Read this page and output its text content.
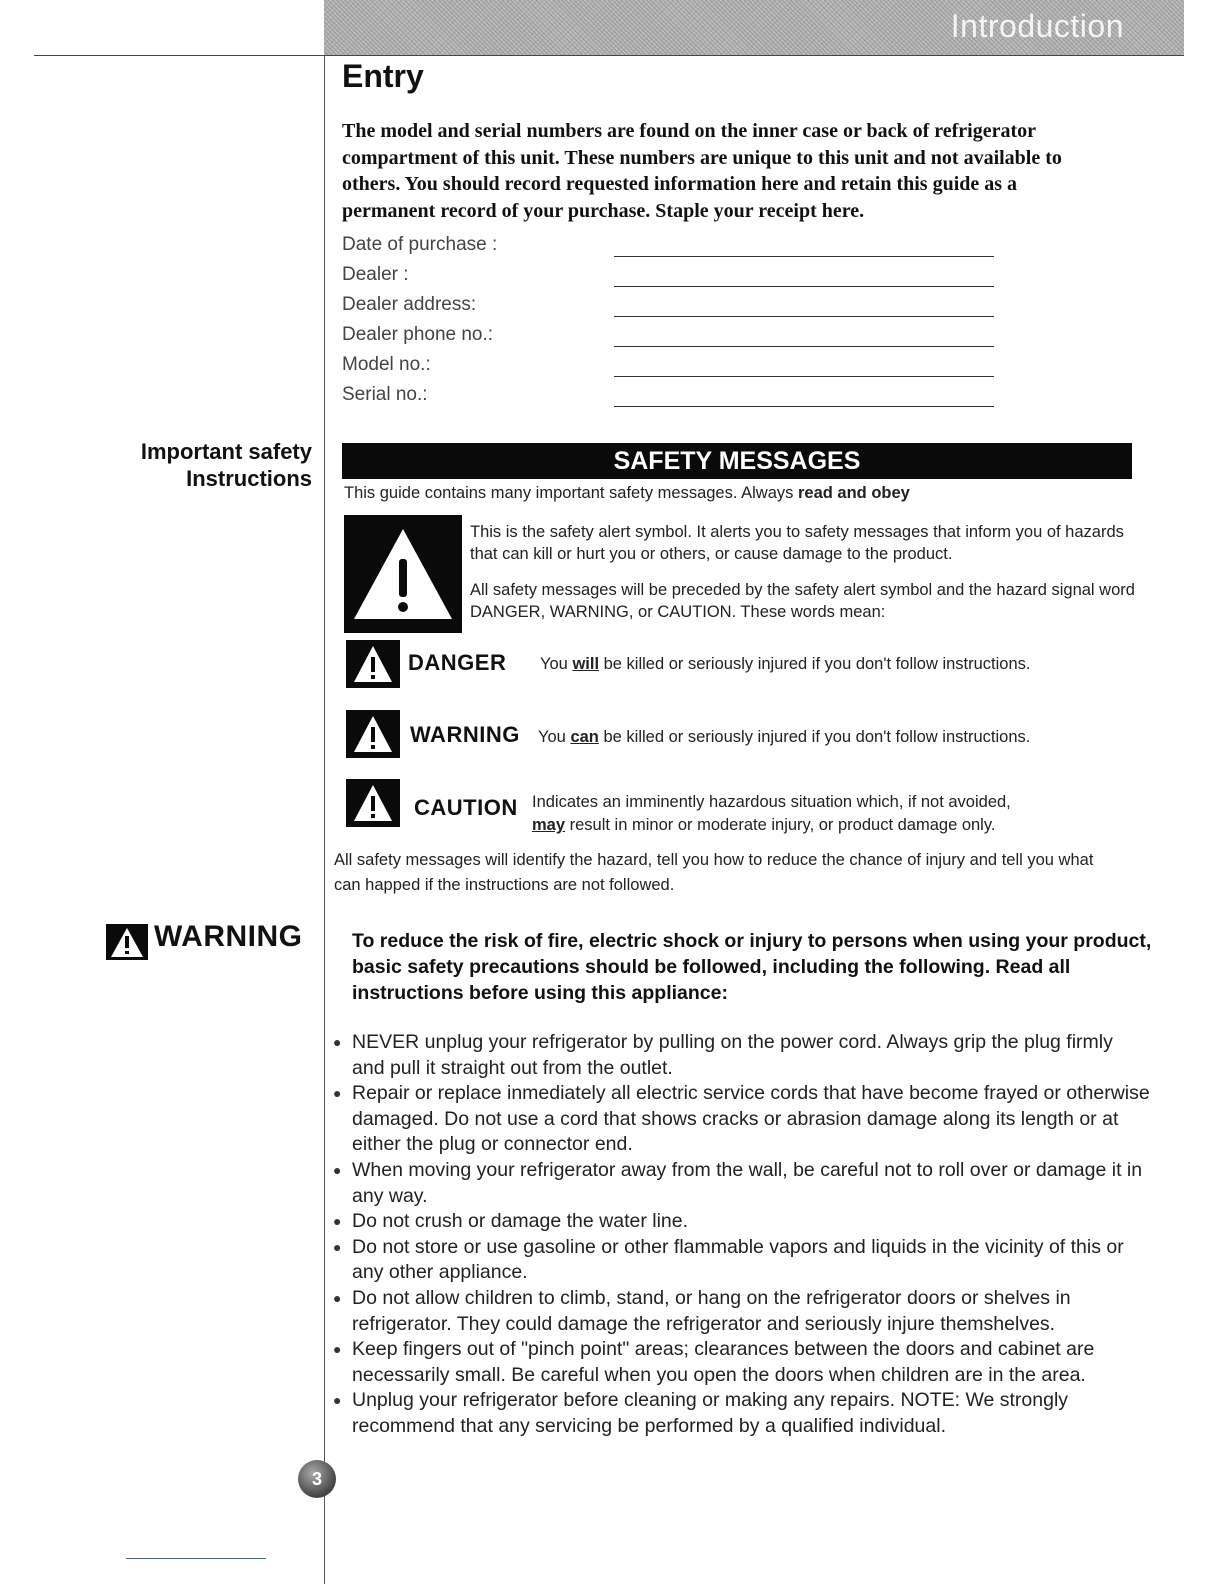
Introduction
Entry
The model and serial numbers are found on the inner case or back of refrigerator compartment of this unit. These numbers are unique to this unit and not available to others. You should record requested information here and retain this guide as a permanent record of your purchase. Staple your receipt here.
Date of purchase :
Dealer :
Dealer address:
Dealer phone no.:
Model no.:
Serial no.:
Important safety
Instructions
SAFETY MESSAGES
This guide contains many important safety messages. Always read and obey
This is the safety alert symbol. It alerts you to safety messages that inform you of hazards that can kill or hurt you or others, or cause damage to the product.
All safety messages will be preceded by the safety alert symbol and the hazard signal word DANGER, WARNING, or CAUTION. These words mean:
DANGER You will be killed or seriously injured if you don't follow instructions.
WARNING You can be killed or seriously injured if you don't follow instructions.
CAUTION Indicates an imminently hazardous situation which, if not avoided,
may result in minor or moderate injury, or product damage only.
All safety messages will identify the hazard, tell you how to reduce the chance of injury and tell you what can happed if the instructions are not followed.
WARNING	To reduce the risk of fire, electric shock or injury to persons when using your product, basic safety precautions should be followed, including the following. Read all instructions before using this appliance:
● NEVER unplug your refrigerator by pulling on the power cord. Always grip the plug firmly and pull it straight out from the outlet.
● Repair or replace inmediately all electric service cords that have become frayed or otherwise damaged. Do not use a cord that shows cracks or abrasion damage along its length or at either the plug or connector end.
● When moving your refrigerator away from the wall, be careful not to roll over or damage it in any way.
● Do not crush or damage the water line.
● Do not store or use gasoline or other flammable vapors and liquids in the vicinity of this or any other appliance.
● Do not allow children to climb, stand, or hang on the refrigerator doors or shelves in refrigerator. They could damage the refrigerator and seriously injure themshelves.
● Keep fingers out of "pinch point" areas; clearances between the doors and cabinet are necessarily small. Be careful when you open the doors when children are in the area.
● Unplug your refrigerator before cleaning or making any repairs. NOTE: We strongly recommend that any servicing be performed by a qualified individual.
3
